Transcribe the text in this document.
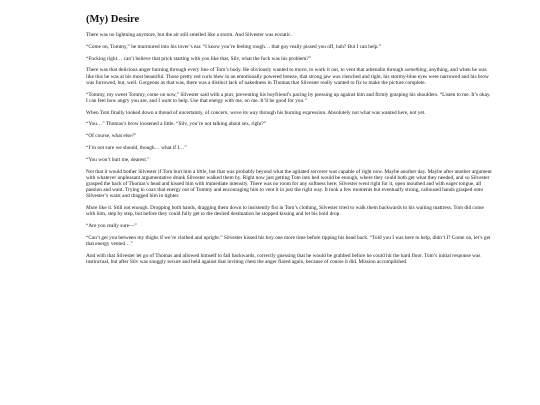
(My) Desire

There was no lightning anymore, but the air still smelled like a storm. And Silvester was ecstatic.

“Come on, Tommy,” he murmured into his lover’s ear. “I know you’re feeling rough… that guy really pissed you off, huh? But I can help.”

“Fucking right… can’t believe that prick starting with you like that, Silv, what the fuck was his problem?”

There was that delicious anger burning through every line of Tom’s body. He obviously wanted to move, to work it out, to vent that adrenalin through something, anything, and when he was like this he was at his most beautiful. Those pretty red curls blew in an emotionally powered breeze, that strong jaw was clenched and tight, his stormy-blue eyes were narrowed and his brow was furrowed, but, well. Gorgeous as that was, there was a distinct lack of nakedness in Thomas that Silvester really wanted to fix to make the picture complete.

“Tommy, my sweet Tommy, come on now,” Silvester said with a purr, preventing his boyfriend’s pacing by pressing up against him and firmly grasping his shoulders. “Listen to me. It’s okay. I can feel how angry you are, and I want to help. Use that energy with me, on me. It’ll be good for you.”

When Tom finally looked down a thread of uncertainty, of concern, wove its way through his burning expression. Absolutely not what was wanted here, not yet.

“You…” Thomas’s brow loosened a little. “Silv, you’re not talking about sex, right?”

“Of course, what else?”

“I’m not sure we should, though… what if I…”

“You won’t hurt me, dearest.”

Not that it would bother Silvester if Tom hurt him a little, but that was probably beyond what the agitated sorcerer was capable of right now. Maybe another day. Maybe after another argument with whatever unpleasant argumentative drunk Silvester walked them by. Right now just getting Tom into bed would be enough, where they could both get what they needed, and so Silvester grasped the back of Thomas’s head and kissed him with immediate intensity. There was no room for any softness here; Silvester went right for it, open mouthed and with eager tongue, all passion and want. Trying to coax that energy out of Tommy and encouraging him to vent it in just the right way. It took a few moments but eventually strong, calloused hands grasped onto Silvester’s waist and dragged him in tighter.

More like it. Still not enough. Dropping both hands, dragging them down to insistently fist in Tom’s clothing, Silvester tried to walk them backwards to his waiting mattress. Tom did come with him, step by step, but before they could fully get to the desired destination he stopped kissing and let his hold drop.

“Are you really sure—”

“Can’t get you between my thighs if we’re clothed and upright.” Silvester kissed his boy one more time before tipping his head back. “Told you I was here to help, didn’t I? Come on, let’s get that energy vented…”

And with that Silvester let go of Thomas and allowed himself to fall backwards, correctly guessing that he would be grabbed before he could hit the hard floor. Tom’s initial response was instinctual, but after Silv was snuggly secure and held against that inviting chest the anger flared again, because of course it did. Mission accomplished.
